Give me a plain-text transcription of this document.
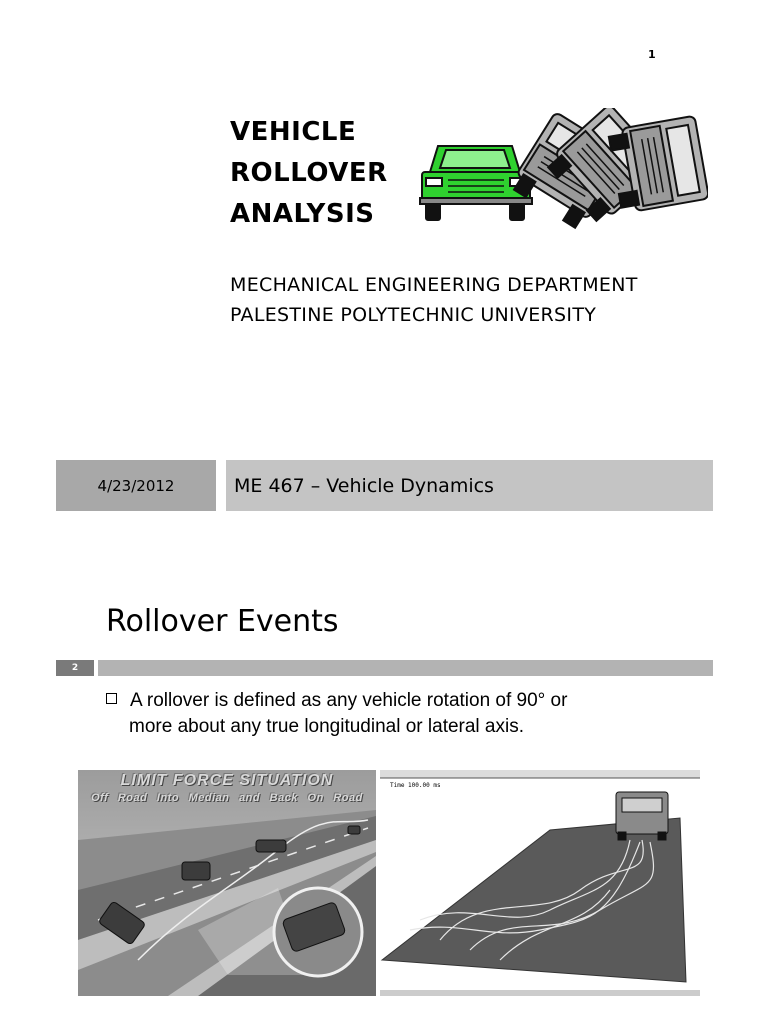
1
VEHICLE
ROLLOVER
ANALYSIS
MECHANICAL ENGINEERING DEPARTMENT
PALESTINE POLYTECHNIC UNIVERSITY
4/23/2012	ME 467 – Vehicle Dynamics
Rollover Events
2
A rollover is defined as any vehicle rotation of 90° or
more about any true longitudinal or lateral axis.
LIMIT FORCE SITUATION
Off Road Into Median and Back On Road
Time 100.00 ms
